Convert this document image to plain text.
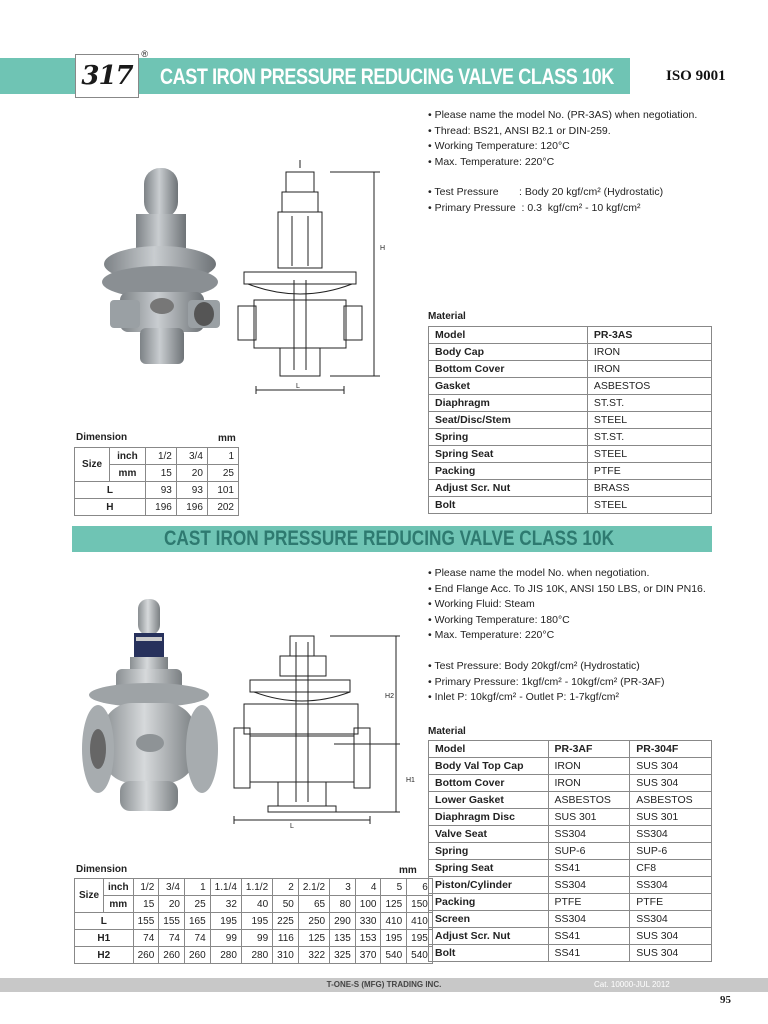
317
®
CAST IRON PRESSURE REDUCING VALVE CLASS 10K	ISO 9001
H
L
• Please name the model No. (PR-3AS) when negotiation.
• Thread: BS21, ANSI B2.1 or DIN-259.
• Working Temperature: 120°C
• Max. Temperature: 220°C
• Test Pressure       : Body 20 kgf/cm² (Hydrostatic)
• Primary Pressure  : 0.3  kgf/cm² - 10 kgf/cm²
Material
Model	PR-3AS
Body Cap	IRON
Bottom Cover	IRON
Gasket	ASBESTOS
Diaphragm	ST.ST.
Seat/Disc/Stem	STEEL
Spring	ST.ST.
Spring Seat	STEEL
Packing	PTFE
Adjust Scr. Nut	BRASS
Bolt	STEEL
Dimension	mm
Size	inch	1/2	3/4	1
	mm	15	20	25
L		93	93	101
H		196	196	202
CAST IRON PRESSURE REDUCING VALVE CLASS 10K
H2
H1
L
• Please name the model No. when negotiation.
• End Flange Acc. To JIS 10K, ANSI 150 LBS, or DIN PN16.
• Working Fluid: Steam
• Working Temperature: 180°C
• Max. Temperature: 220°C
• Test Pressure: Body 20kgf/cm² (Hydrostatic)
• Primary Pressure: 1kgf/cm² - 10kgf/cm² (PR-3AF)
• Inlet P: 10kgf/cm² - Outlet P: 1-7kgf/cm²
Material
Model	PR-3AF	PR-304F
Body Val Top Cap	IRON	SUS 304
Bottom Cover	IRON	SUS 304
Lower Gasket	ASBESTOS	ASBESTOS
Diaphragm Disc	SUS 301	SUS 301
Valve Seat	SS304	SS304
Spring	SUP-6	SUP-6
Spring Seat	SS41	CF8
Piston/Cylinder	SS304	SS304
Packing	PTFE	PTFE
Screen	SS304	SS304
Adjust Scr. Nut	SS41	SUS 304
Bolt	SS41	SUS 304
Dimension	mm
Size	inch	1/2	3/4	1	1.1/4	1.1/2	2	2.1/2	3	4	5	6
	mm	15	20	25	32	40	50	65	80	100	125	150
L		155	155	165	195	195	225	250	290	330	410	410
H1		74	74	74	99	99	116	125	135	153	195	195
H2		260	260	260	280	280	310	322	325	370	540	540
T-ONE-S (MFG) TRADING INC.	Cat. 10000-JUL 2012
95
